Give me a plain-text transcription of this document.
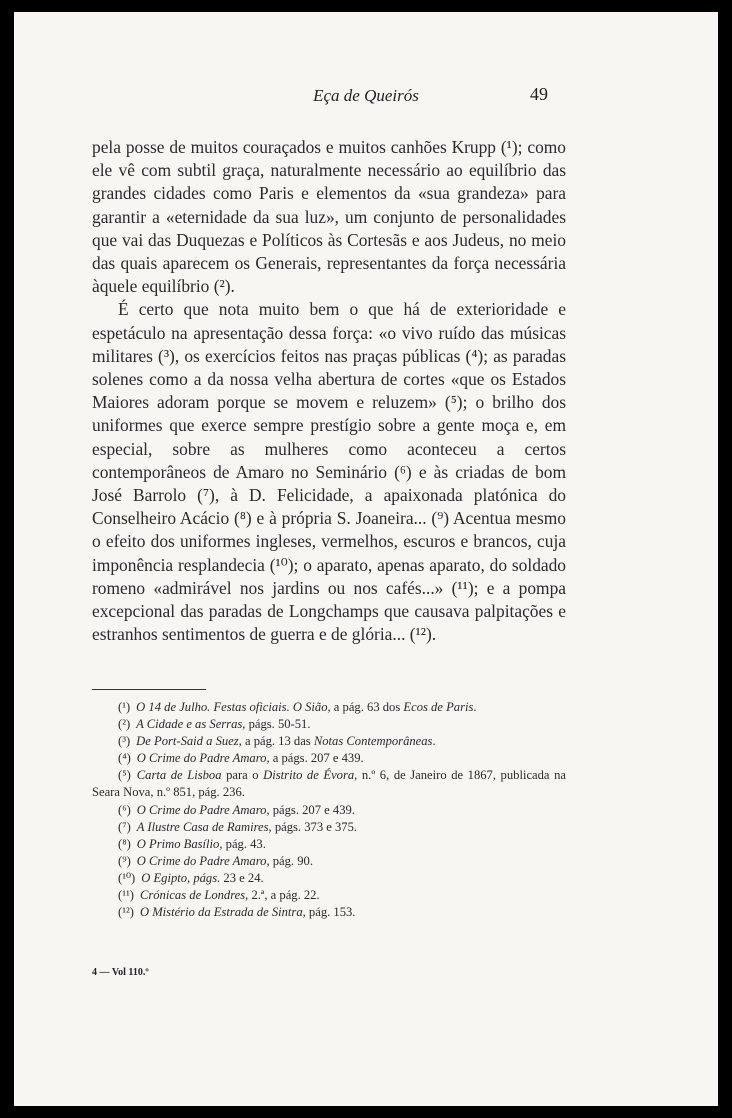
Eça de Queirós	49

pela posse de muitos couraçados e muitos canhões Krupp (¹); como ele vê com subtil graça, naturalmente necessário ao equilíbrio das grandes cidades como Paris e elementos da «sua grandeza» para garantir a «eternidade da sua luz», um conjunto de personalidades que vai das Duquezas e Políticos às Cortesãs e aos Judeus, no meio das quais aparecem os Generais, representantes da força necessária àquele equilíbrio (²).

É certo que nota muito bem o que há de exterioridade e espetáculo na apresentação dessa força: «o vivo ruído das músicas militares (³), os exercícios feitos nas praças públicas (⁴); as paradas solenes como a da nossa velha abertura de cortes «que os Estados Maiores adoram porque se movem e reluzem» (⁵); o brilho dos uniformes que exerce sempre prestígio sobre a gente moça e, em especial, sobre as mulheres como aconteceu a certos contemporâneos de Amaro no Seminário (⁶) e às criadas de bom José Barrolo (⁷), à D. Felicidade, a apaixonada platónica do Conselheiro Acácio (⁸) e à própria S. Joaneira... (⁹) Acentua mesmo o efeito dos uniformes ingleses, vermelhos, escuros e brancos, cuja imponência resplandecia (¹⁰); o aparato, apenas aparato, do soldado romeno «admirável nos jardins ou nos cafés...» (¹¹); e a pompa excepcional das paradas de Longchamps que causava palpitações e estranhos sentimentos de guerra e de glória... (¹²).

(¹) O 14 de Julho. Festas oficiais. O Sião, a pág. 63 dos Ecos de Paris.
(²) A Cidade e as Serras, págs. 50-51.
(³) De Port-Said a Suez, a pág. 13 das Notas Contemporâneas.
(⁴) O Crime do Padre Amaro, a págs. 207 e 439.
(⁵) Carta de Lisboa para o Distrito de Évora, n.º 6, de Janeiro de 1867, publicada na Seara Nova, n.º 851, pág. 236.
(⁶) O Crime do Padre Amaro, págs. 207 e 439.
(⁷) A Ilustre Casa de Ramires, págs. 373 e 375.
(⁸) O Primo Basílio, pág. 43.
(⁹) O Crime do Padre Amaro, pág. 90.
(¹⁰) O Egipto, págs. 23 e 24.
(¹¹) Crónicas de Londres, 2.ª, a pág. 22.
(¹²) O Mistério da Estrada de Sintra, pág. 153.
4 — Vol 110.º
